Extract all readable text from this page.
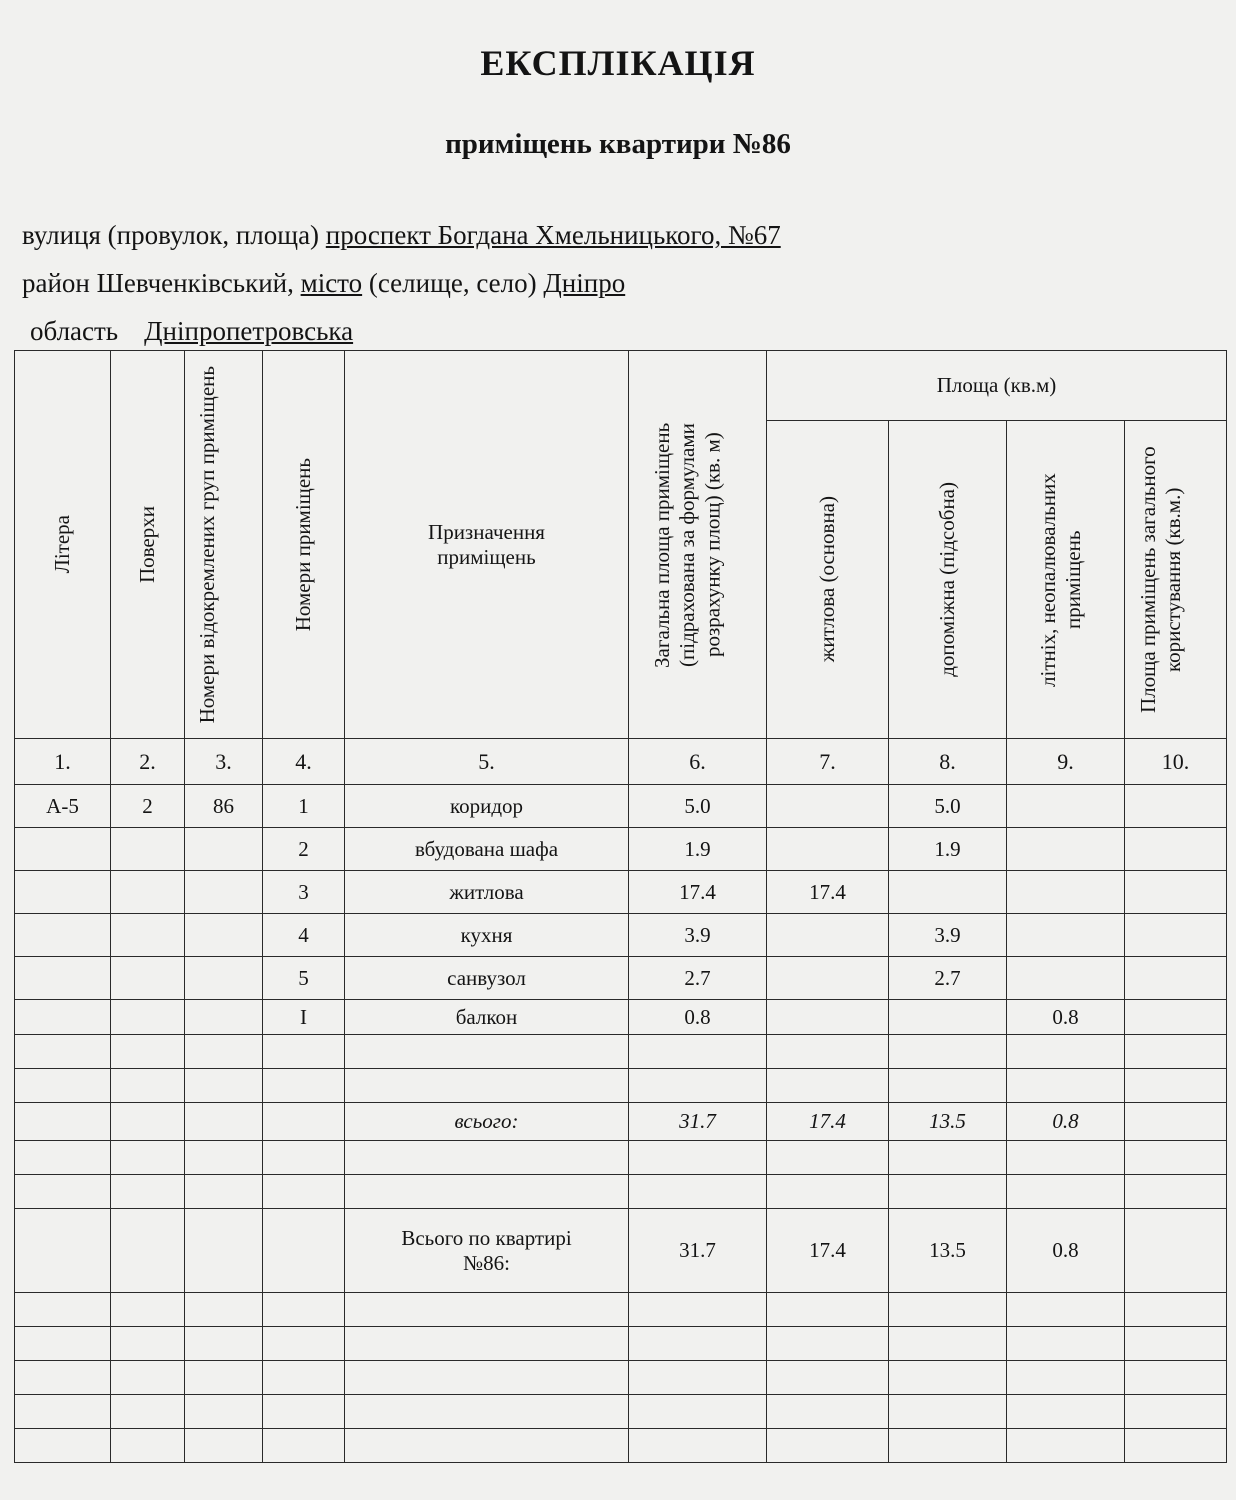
ЕКСПЛІКАЦІЯ
приміщень квартири №86
вулиця (провулок, площа) проспект Богдана Хмельницького, №67
район Шевченківський, місто (селище, село) Дніпро
область Дніпропетровська
Літера	Поверхи	Номери відокремлених груп приміщень	Номери приміщень	Призначення приміщень	Загальна площа приміщень (підрахована за формулами розрахунку площ) (кв. м)	Площа (кв.м)			

						житлова (основна)	допоміжна (підсобна)	літніх, неопалювальних приміщень	Площа приміщень загального користування (кв.м.)

1.	2.	3.	4.	5.	6.	7.	8.	9.	10.
А-5	2	86	1	коридор	5.0		5.0		
			2	вбудована шафа	1.9		1.9		
			3	житлова	17.4	17.4			
			4	кухня	3.9		3.9		
			5	санвузол	2.7		2.7		
			I	балкон	0.8			0.8	

				всього:	31.7	17.4	13.5	0.8	

				Всього по квартирі
№86:	31.7	17.4	13.5	0.8	
